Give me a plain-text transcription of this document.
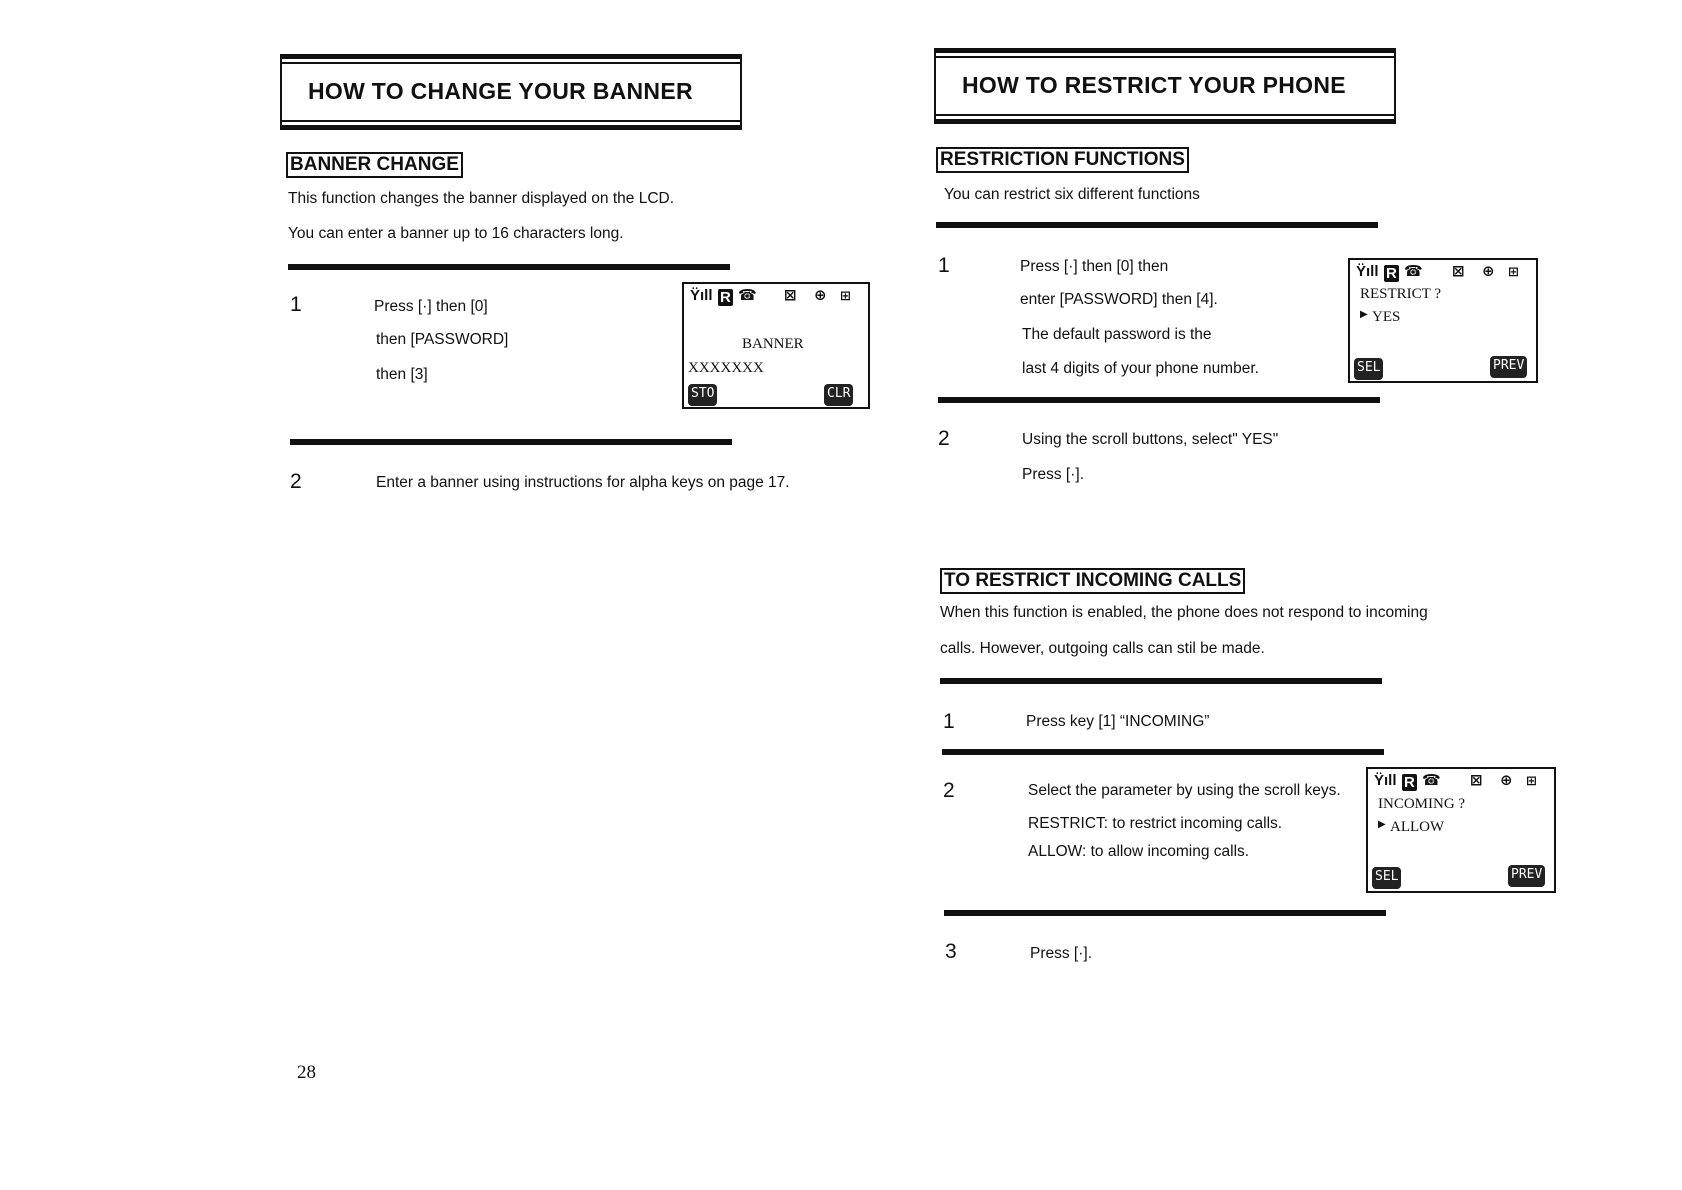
HOW TO CHANGE YOUR BANNER
BANNER CHANGE
This function changes the banner displayed on the LCD.
You can enter a banner up to 16 characters long.
1	Press [·] then [0]
then [PASSWORD]
then [3]
Ÿıll R ☎ ⊠ ⊕ ⊞
BANNER
XXXXXXX
STO	CLR
2	Enter a banner using instructions for alpha keys on page 17.
28
HOW TO RESTRICT YOUR PHONE
RESTRICTION FUNCTIONS
You can restrict six different functions
1	Press [·] then [0] then
enter [PASSWORD] then [4].
The default password is the
last 4 digits of your phone number.
Ÿıll R ☎ ⊠ ⊕ ⊞
RESTRICT ?
▶ YES
SEL	PREV
2	Using the scroll buttons, select" YES"
Press [·].
TO RESTRICT INCOMING CALLS
When this function is enabled, the phone does not respond to incoming
calls. However, outgoing calls can stil be made.
1	Press key [1] “INCOMING”
2	Select the parameter by using the scroll keys.
RESTRICT: to restrict incoming calls.
ALLOW: to allow incoming calls.
Ÿıll R ☎ ⊠ ⊕ ⊞
INCOMING ?
▶ ALLOW
SEL	PREV
3	Press [·].
